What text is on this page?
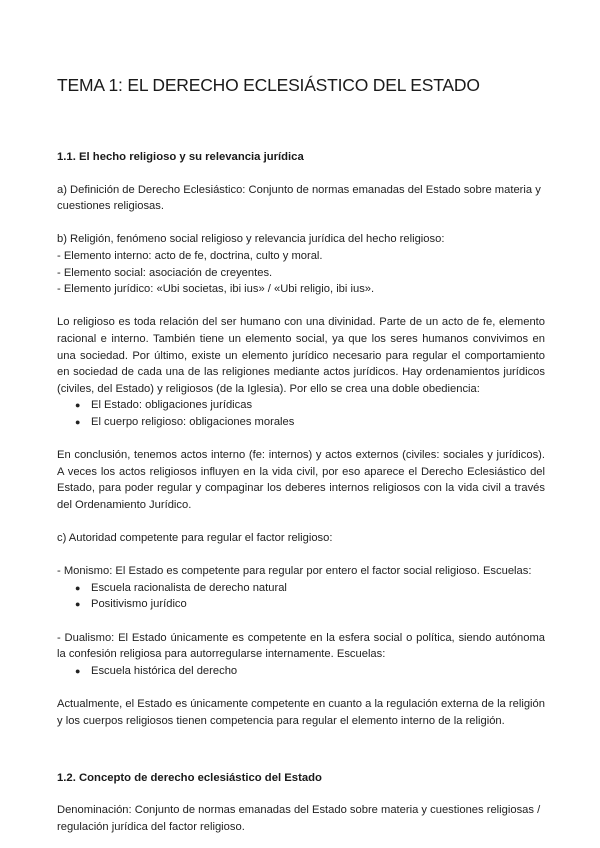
TEMA 1: EL DERECHO ECLESIÁSTICO DEL ESTADO
1.1. El hecho religioso y su relevancia jurídica

a) Definición de Derecho Eclesiástico: Conjunto de normas emanadas del Estado sobre materia y cuestiones religiosas.

b) Religión, fenómeno social religioso y relevancia jurídica del hecho religioso:

- Elemento interno: acto de fe, doctrina, culto y moral.
- Elemento social: asociación de creyentes.
- Elemento jurídico: «Ubi societas, ibi ius» / «Ubi religio, ibi ius».

Lo religioso es toda relación del ser humano con una divinidad. Parte de un acto de fe, elemento racional e interno. También tiene un elemento social, ya que los seres humanos convivimos en una sociedad. Por último, existe un elemento jurídico necesario para regular el comportamiento en sociedad de cada una de las religiones mediante actos jurídicos. Hay ordenamientos jurídicos (civiles, del Estado) y religiosos (de la Iglesia). Por ello se crea una doble obediencia:

● El Estado: obligaciones jurídicas
● El cuerpo religioso: obligaciones morales

En conclusión, tenemos actos interno (fe: internos) y actos externos (civiles: sociales y jurídicos). A veces los actos religiosos influyen en la vida civil, por eso aparece el Derecho Eclesiástico del Estado, para poder regular y compaginar los deberes internos religiosos con la vida civil a través del Ordenamiento Jurídico.

c) Autoridad competente para regular el factor religioso:

- Monismo: El Estado es competente para regular por entero el factor social religioso. Escuelas:

● Escuela racionalista de derecho natural
● Positivismo jurídico

- Dualismo: El Estado únicamente es competente en la esfera social o política, siendo autónoma la confesión religiosa para autorregularse internamente. Escuelas:

● Escuela histórica del derecho

Actualmente, el Estado es únicamente competente en cuanto a la regulación externa de la religión y los cuerpos religiosos tienen competencia para regular el elemento interno de la religión.

1.2. Concepto de derecho eclesiástico del Estado

Denominación: Conjunto de normas emanadas del Estado sobre materia y cuestiones religiosas / regulación jurídica del factor religioso.
